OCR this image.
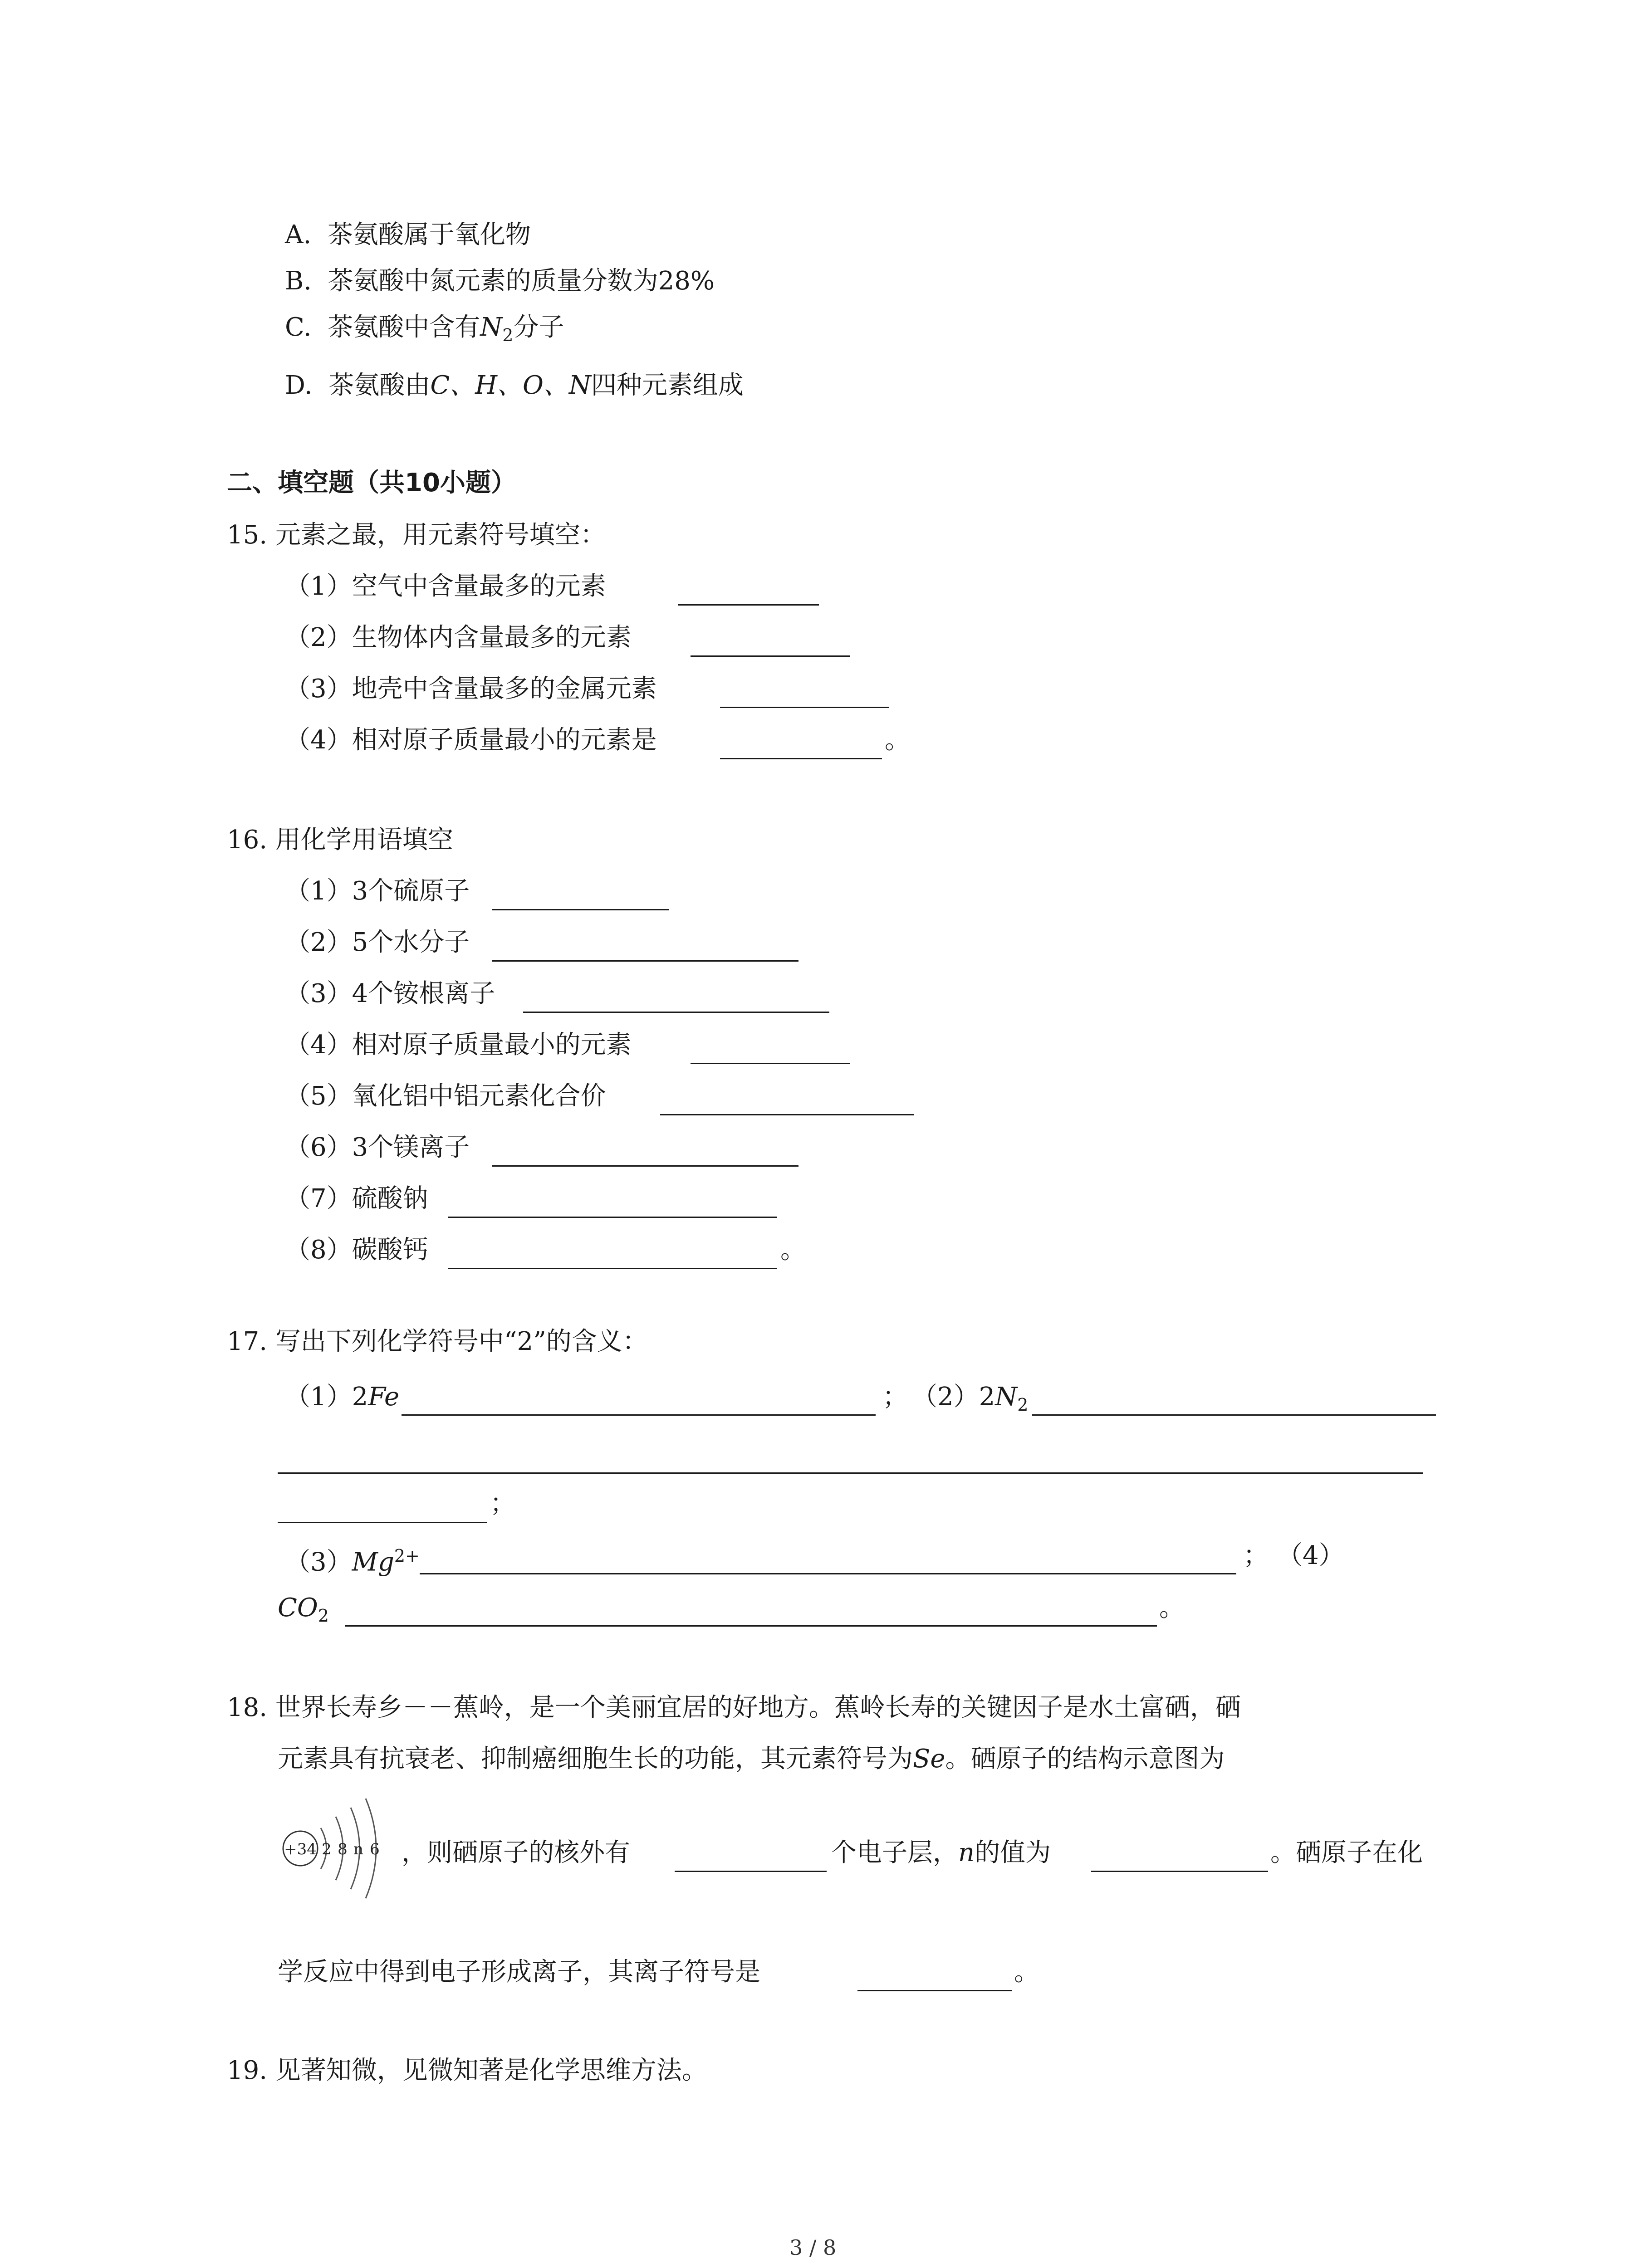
A. 茶氨酸属于氧化物
B. 茶氨酸中氮元素的质量分数为28%
C. 茶氨酸中含有$N_2$分子
D. 茶氨酸由C、H、O、N四种元素组成
二、填空题（共10小题）
15. 元素之最，用元素符号填空：
（1）空气中含量最多的元素
（2）生物体内含量最多的元素
（3）地壳中含量最多的金属元素
（4）相对原子质量最小的元素是	。
16. 用化学用语填空
（1）3个硫原子
（2）5个水分子
（3）4个铵根离子
（4）相对原子质量最小的元素
（5）氧化铝中铝元素化合价
（6）3个镁离子
（7）硫酸钠
（8）碳酸钙	。
17. 写出下列化学符号中“2”的含义：
（1）2Fe	； $(2)2N_2$
；
$(3)Mg^{2+}$	； （4）
$CO_2$	。
18. 世界长寿乡－－蕉岭，是一个美丽宜居的好地方。蕉岭长寿的关键因子是水土富硒，硒
元素具有抗衰老、抑制癌细胞生长的功能，其元素符号为Se。硒原子的结构示意图为
+34 2 8 n 6 ，则硒原子的核外有	个电子层，n的值为	。硒原子在化
学反应中得到电子形成离子，其离子符号是	。
19. 见著知微，见微知著是化学思维方法。
3 / 8
